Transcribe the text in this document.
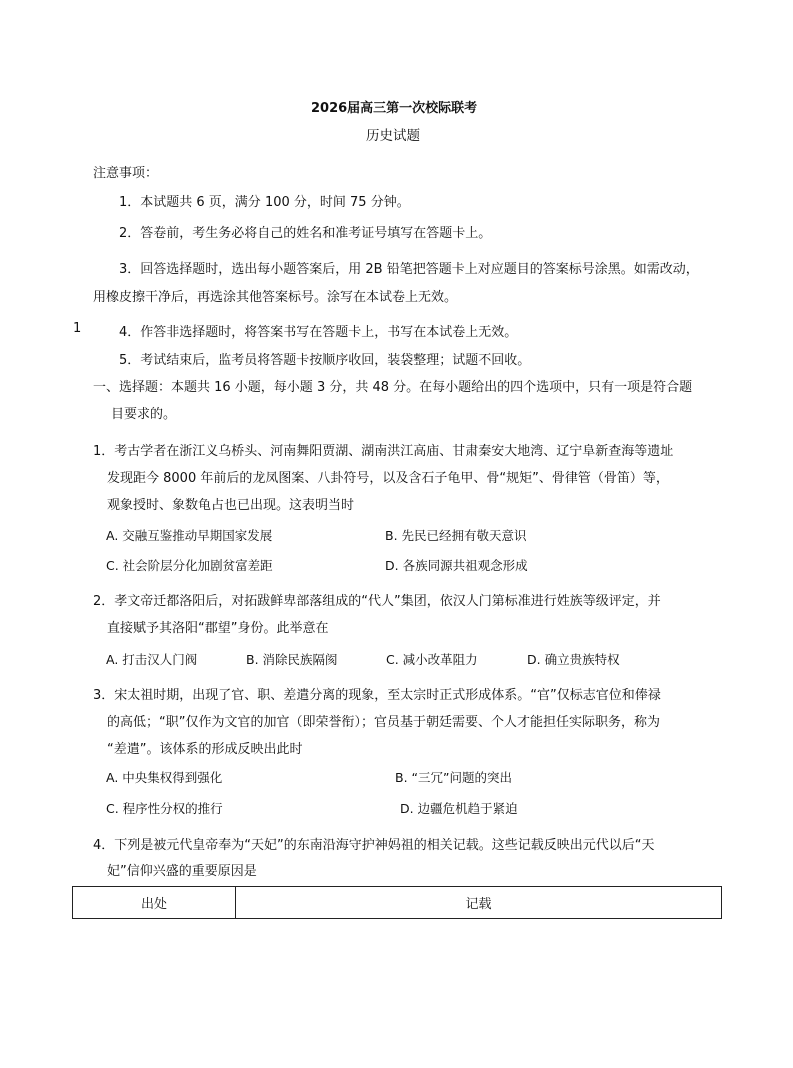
2026届高三第一次校际联考
历史试题
注意事项：
1．本试题共 6 页，满分 100 分，时间 75 分钟。
2．答卷前，考生务必将自己的姓名和准考证号填写在答题卡上。
3．回答选择题时，选出每小题答案后，用 2B 铅笔把答题卡上对应题目的答案标号涂黑。如需改动，
用橡皮擦干净后，再选涂其他答案标号。涂写在本试卷上无效。
1	4．作答非选择题时，将答案书写在答题卡上，书写在本试卷上无效。
5．考试结束后，监考员将答题卡按顺序收回，装袋整理；试题不回收。
一、选择题：本题共 16 小题，每小题 3 分，共 48 分。在每小题给出的四个选项中，只有一项是符合题
目要求的。
1．考古学者在浙江义乌桥头、河南舞阳贾湖、湖南洪江高庙、甘肃秦安大地湾、辽宁阜新查海等遗址
发现距今 8000 年前后的龙凤图案、八卦符号，以及含石子龟甲、骨“规矩”、骨律管（骨笛）等，
观象授时、象数龟占也已出现。这表明当时
A. 交融互鉴推动早期国家发展	B. 先民已经拥有敬天意识
C. 社会阶层分化加剧贫富差距	D. 各族同源共祖观念形成
2．孝文帝迁都洛阳后，对拓跋鲜卑部落组成的“代人”集团，依汉人门第标准进行姓族等级评定，并
直接赋予其洛阳“郡望”身份。此举意在
A. 打击汉人门阀	B. 消除民族隔阂	C. 减小改革阻力	D. 确立贵族特权
3．宋太祖时期，出现了官、职、差遣分离的现象，至太宗时正式形成体系。“官”仅标志官位和俸禄
的高低；“职”仅作为文官的加官（即荣誉衔）；官员基于朝廷需要、个人才能担任实际职务，称为
“差遣”。该体系的形成反映出此时
A. 中央集权得到强化	B. “三冗”问题的突出
C. 程序性分权的推行	D. 边疆危机趋于紧迫
4．下列是被元代皇帝奉为“天妃”的东南沿海守护神妈祖的相关记载。这些记载反映出元代以后“天
妃”信仰兴盛的重要原因是
出处	记载
